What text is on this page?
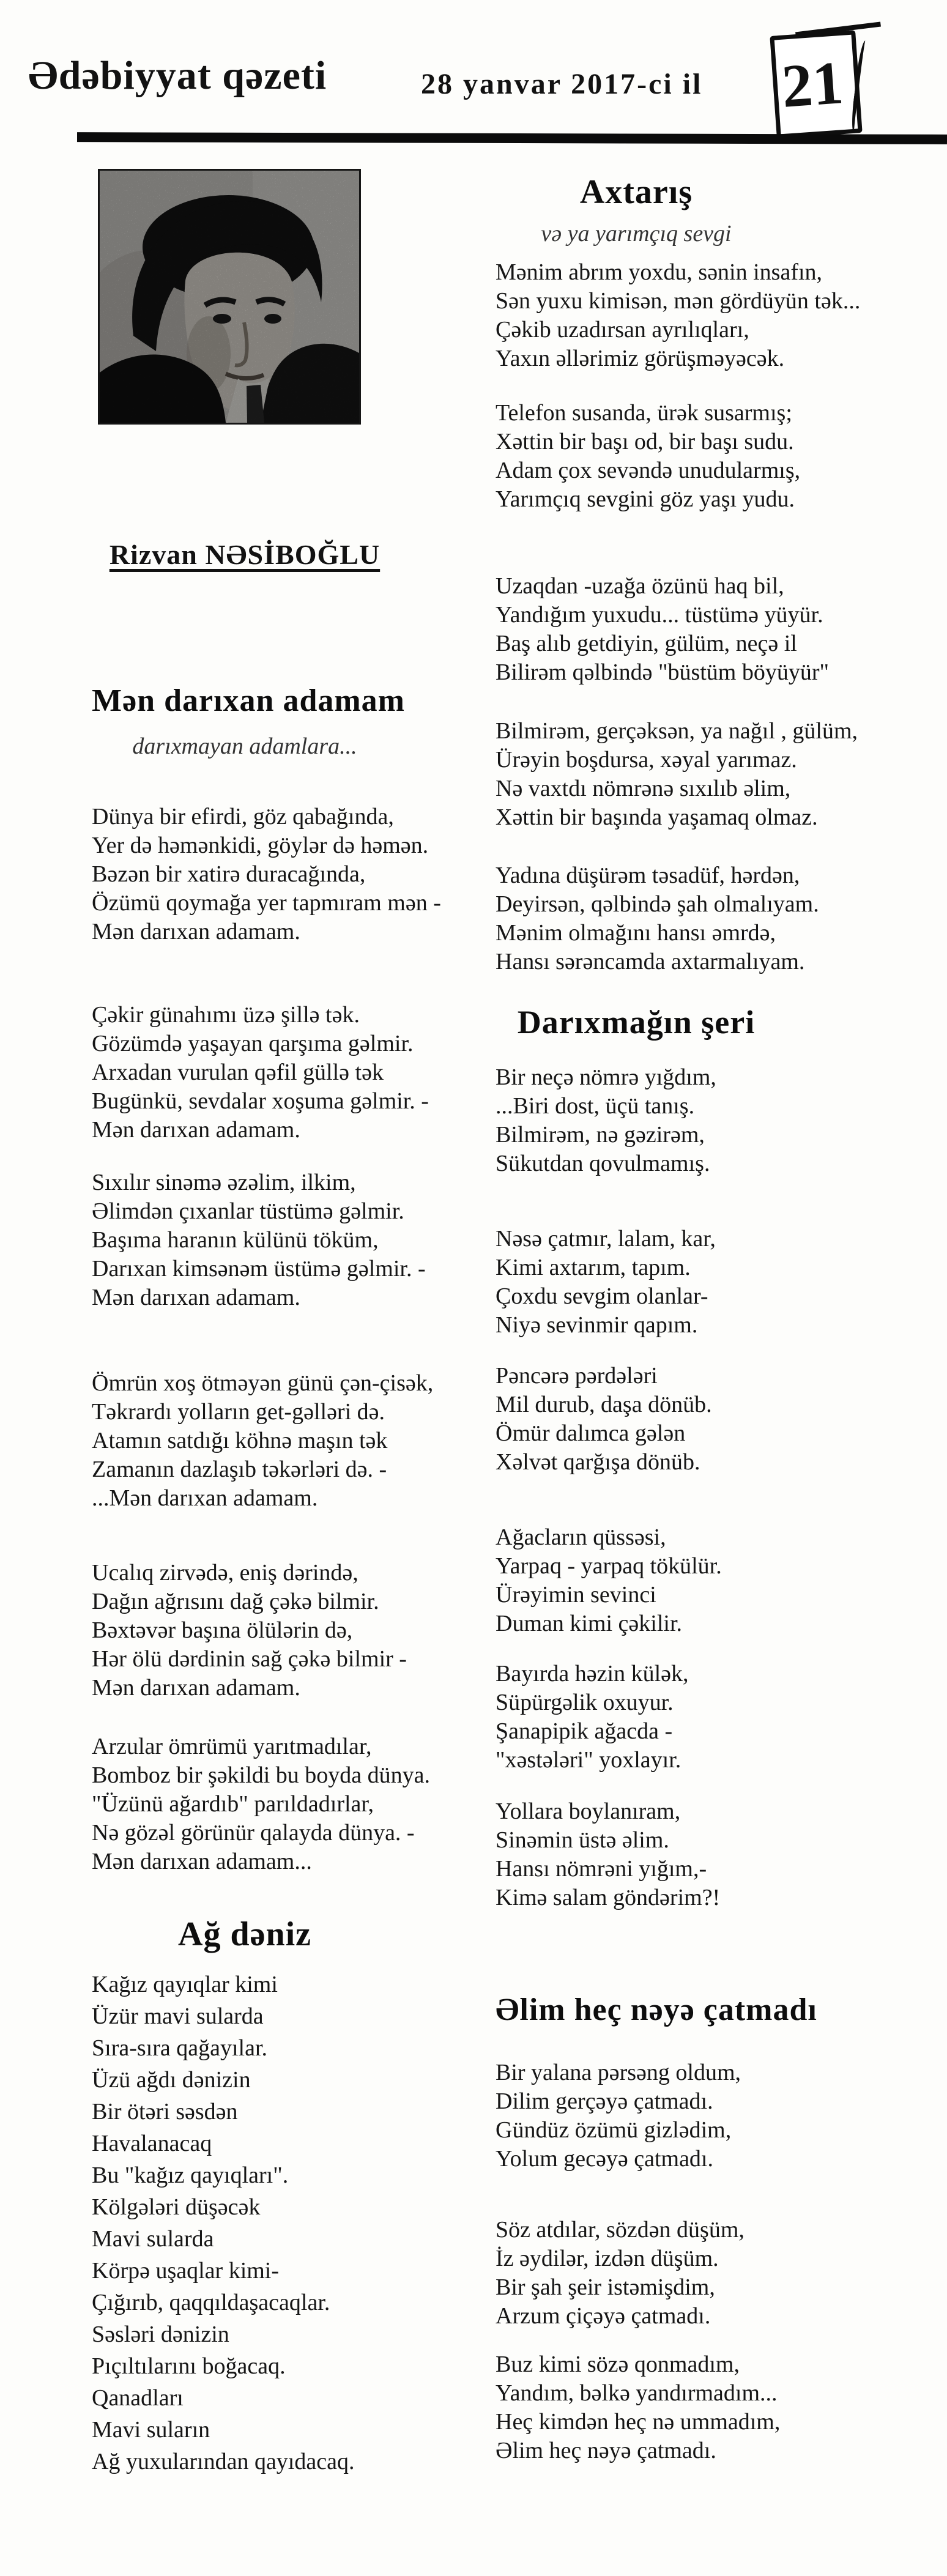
Ədəbiyyat qəzeti	28 yanvar 2017-ci il 21
Rizvan NƏSİBOĞLU
Mən darıxan adamam
darıxmayan adamlara...
Dünya bir efirdi, göz qabağında,
Yer də həmənkidi, göylər də həmən.
Bəzən bir xatirə duracağında,
Özümü qoymağa yer tapmıram mən -
Mən darıxan adamam.
Çəkir günahımı üzə şillə tək.
Gözümdə yaşayan qarşıma gəlmir.
Arxadan vurulan qəfil güllə tək
Bugünkü, sevdalar xoşuma gəlmir. -
Mən darıxan adamam.
Sıxılır sinəmə əzəlim, ilkim,
Əlimdən çıxanlar tüstümə gəlmir.
Başıma haranın külünü töküm,
Darıxan kimsənəm üstümə gəlmir. -
Mən darıxan adamam.
Ömrün xoş ötməyən günü çən-çisək,
Təkrardı yolların get-gəlləri də.
Atamın satdığı köhnə maşın tək
Zamanın dazlaşıb təkərləri də. -
...Mən darıxan adamam.
Ucalıq zirvədə, eniş dərində,
Dağın ağrısını dağ çəkə bilmir.
Bəxtəvər başına ölülərin də,
Hər ölü dərdinin sağ çəkə bilmir -
Mən darıxan adamam.
Arzular ömrümü yarıtmadılar,
Bomboz bir şəkildi bu boyda dünya.
"Üzünü ağardıb" parıldadırlar,
Nə gözəl görünür qalayda dünya. -
Mən darıxan adamam...
Ağ dəniz
Kağız qayıqlar kimi
Üzür mavi sularda
Sıra-sıra qağayılar.
Üzü ağdı dənizin
Bir ötəri səsdən
Havalanacaq
Bu "kağız qayıqları".
Kölgələri düşəcək
Mavi sularda
Körpə uşaqlar kimi-
Çığırıb, qaqqıldaşacaqlar.
Səsləri dənizin
Pıçıltılarını boğacaq.
Qanadları
Mavi suların
Ağ yuxularından qayıdacaq.
Axtarış
və ya yarımçıq sevgi
Mənim abrım yoxdu, sənin insafın,
Sən yuxu kimisən, mən gördüyün tək...
Çəkib uzadırsan ayrılıqları,
Yaxın əllərimiz görüşməyəcək.
Telefon susanda, ürək susarmış;
Xəttin bir başı od, bir başı sudu.
Adam çox sevəndə unudularmış,
Yarımçıq sevgini göz yaşı yudu.
Uzaqdan -uzağa özünü haq bil,
Yandığım yuxudu... tüstümə yüyür.
Baş alıb getdiyin, gülüm, neçə il
Bilirəm qəlbində "büstüm böyüyür"
Bilmirəm, gerçəksən, ya nağıl , gülüm,
Ürəyin boşdursa, xəyal yarımaz.
Nə vaxtdı nömrənə sıxılıb əlim,
Xəttin bir başında yaşamaq olmaz.
Yadına düşürəm təsadüf, hərdən,
Deyirsən, qəlbində şah olmalıyam.
Mənim olmağını hansı əmrdə,
Hansı sərəncamda axtarmalıyam.
Darıxmağın şeri
Bir neçə nömrə yığdım,
...Biri dost, üçü tanış.
Bilmirəm, nə gəzirəm,
Sükutdan qovulmamış.
Nəsə çatmır, lalam, kar,
Kimi axtarım, tapım.
Çoxdu sevgim olanlar-
Niyə sevinmir qapım.
Pəncərə pərdələri
Mil durub, daşa dönüb.
Ömür dalımca gələn
Xəlvət qarğışa dönüb.
Ağacların qüssəsi,
Yarpaq - yarpaq tökülür.
Ürəyimin sevinci
Duman kimi çəkilir.
Bayırda həzin külək,
Süpürgəlik oxuyur.
Şanapipik ağacda -
"xəstələri" yoxlayır.
Yollara boylanıram,
Sinəmin üstə əlim.
Hansı nömrəni yığım,-
Kimə salam göndərim?!
Əlim heç nəyə çatmadı
Bir yalana pərsəng oldum,
Dilim gerçəyə çatmadı.
Gündüz özümü gizlədim,
Yolum gecəyə çatmadı.
Söz atdılar, sözdən düşüm,
İz əydilər, izdən düşüm.
Bir şah şeir istəmişdim,
Arzum çiçəyə çatmadı.
Buz kimi sözə qonmadım,
Yandım, bəlkə yandırmadım...
Heç kimdən heç nə ummadım,
Əlim heç nəyə çatmadı.
